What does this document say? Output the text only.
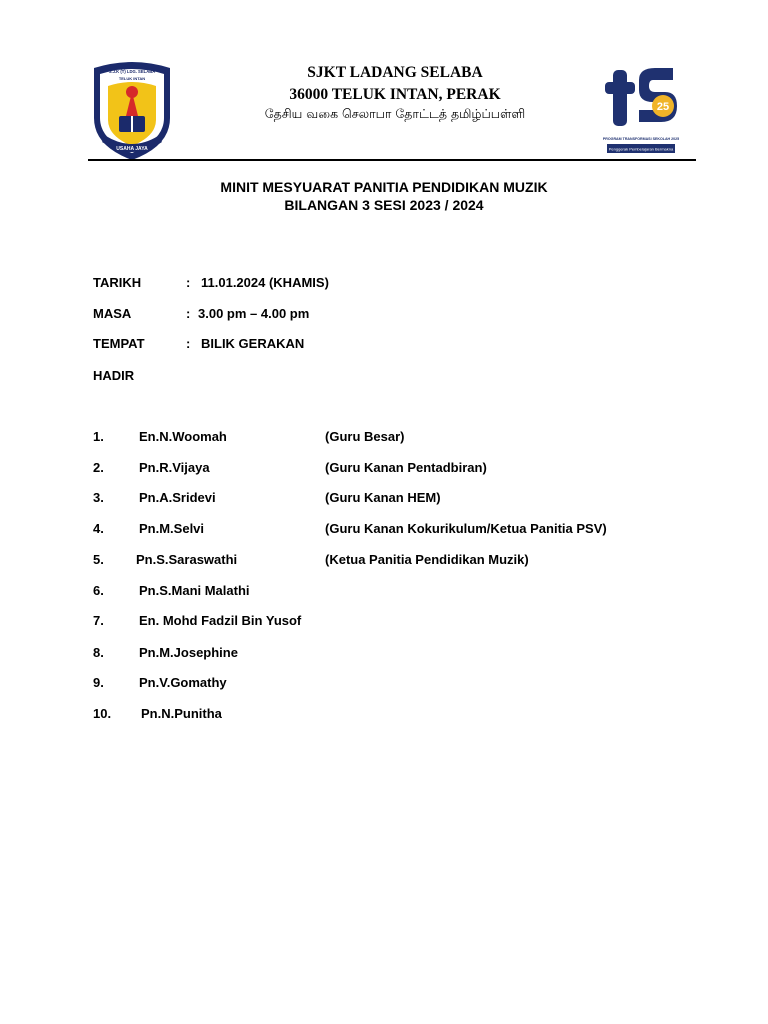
S.J.K (T) LDG. SELABA
TELUK INTAN
USAHA JAYA
SJKT LADANG SELABA
36000 TELUK INTAN, PERAK
தேசிய வகை செலாபா தோட்டத் தமிழ்ப்பள்ளி	25
PROGRAM TRANSFORMASI SEKOLAH 2025
Penggerak Pembelajaran Bermakna
MINIT MESYUARAT PANITIA PENDIDIKAN MUZIK
BILANGAN 3 SESI 2023 / 2024
TARIKH	: 11.01.2024 (KHAMIS)
MASA	: 3.00 pm – 4.00 pm
TEMPAT	: BILIK GERAKAN
HADIR
1.	En.N.Woomah	(Guru Besar)
2.	Pn.R.Vijaya	(Guru Kanan Pentadbiran)
3.	Pn.A.Sridevi	(Guru Kanan HEM)
4.	Pn.M.Selvi	(Guru Kanan Kokurikulum/Ketua Panitia PSV)
5. Pn.S.Saraswathi	(Ketua Panitia Pendidikan Muzik)
6.	Pn.S.Mani Malathi
7.	En. Mohd Fadzil Bin Yusof
8.	Pn.M.Josephine
9.	Pn.V.Gomathy
10. Pn.N.Punitha
